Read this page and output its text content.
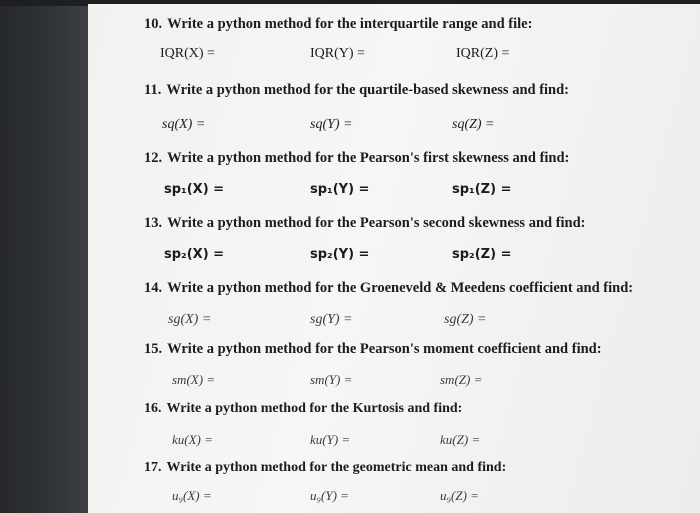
10. Write a python method for the interquartile range and file:
IQR(X) =	IQR(Y) =	IQR(Z) =
11. Write a python method for the quartile-based skewness and find:
sq(X) =	sq(Y) =	sq(Z) =
12. Write a python method for the Pearson's first skewness and find:
sp₁(X) =	sp₁(Y) =	sp₁(Z) =
13. Write a python method for the Pearson's second skewness and find:
sp₂(X) =	sp₂(Y) =	sp₂(Z) =
14. Write a python method for the Groeneveld & Meedens coefficient and find:
sg(X) =	sg(Y) =	sg(Z) =
15. Write a python method for the Pearson's moment coefficient and find:
sm(X) =	sm(Y) =	sm(Z) =
16. Write a python method for the Kurtosis and find:
ku(X) =	ku(Y) =	ku(Z) =
17. Write a python method for the geometric mean and find:
u₉(X) =	u₉(Y) =	u₉(Z) =
